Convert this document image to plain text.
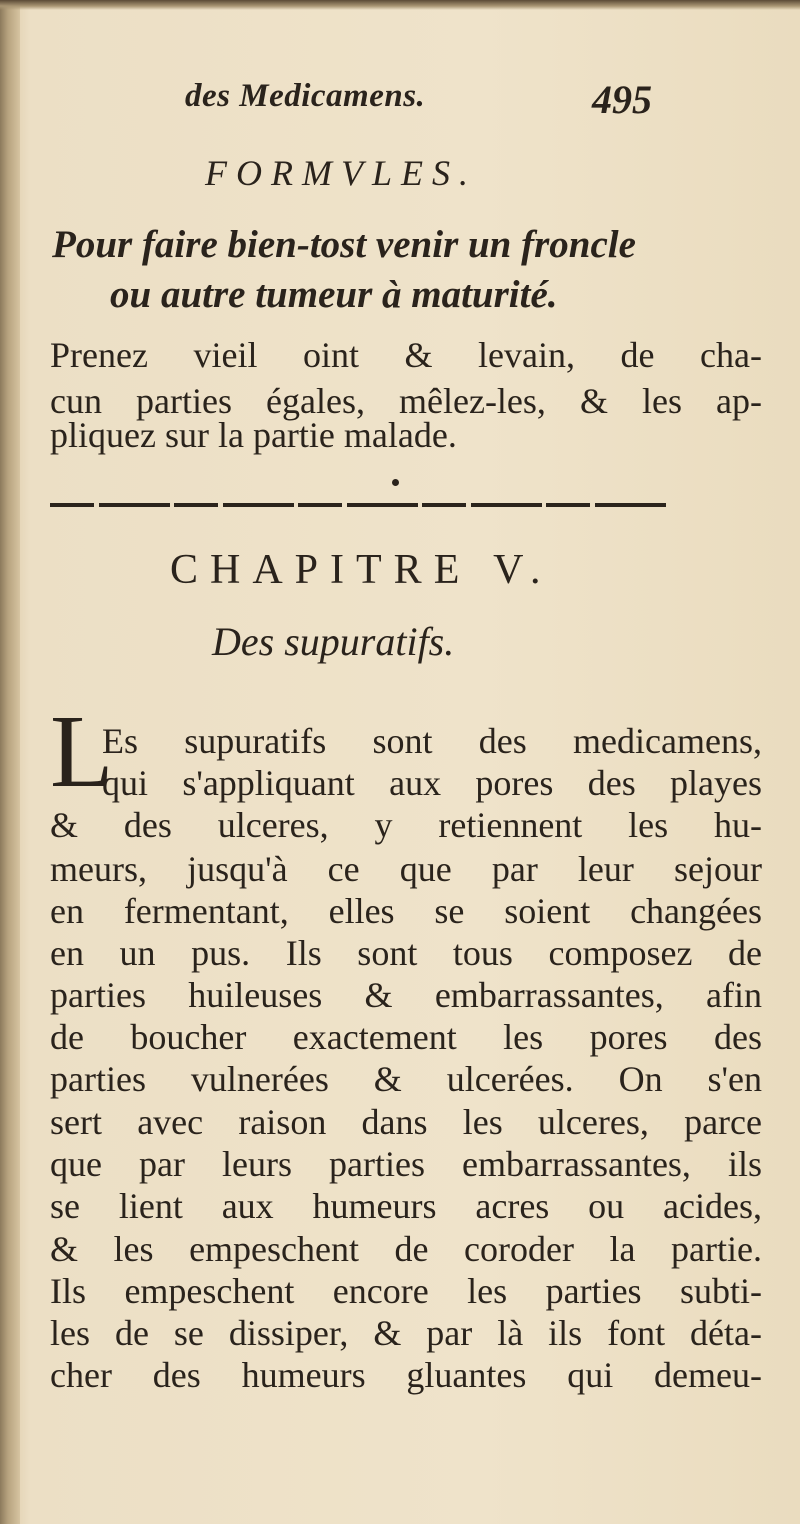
des Medicamens.	495
FORMVLES.
Pour faire bien-tost venir un froncle
ou autre tumeur à maturité.
Prenez vieil oint & levain, de cha-
cun parties égales, mêlez-les, & les ap-
pliquez sur la partie malade.
CHAPITRE V.
Des supuratifs.
L
Es supuratifs sont des medicamens,
qui s'appliquant aux pores des playes
& des ulceres, y retiennent les hu-
meurs, jusqu'à ce que par leur sejour
en fermentant, elles se soient changées
en un pus. Ils sont tous composez de
parties huileuses & embarrassantes, afin
de boucher exactement les pores des
parties vulnerées & ulcerées. On s'en
sert avec raison dans les ulceres, parce
que par leurs parties embarrassantes, ils
se lient aux humeurs acres ou acides,
& les empeschent de coroder la partie.
Ils empeschent encore les parties subti-
les de se dissiper, & par là ils font déta-
cher des humeurs gluantes qui demeu-
